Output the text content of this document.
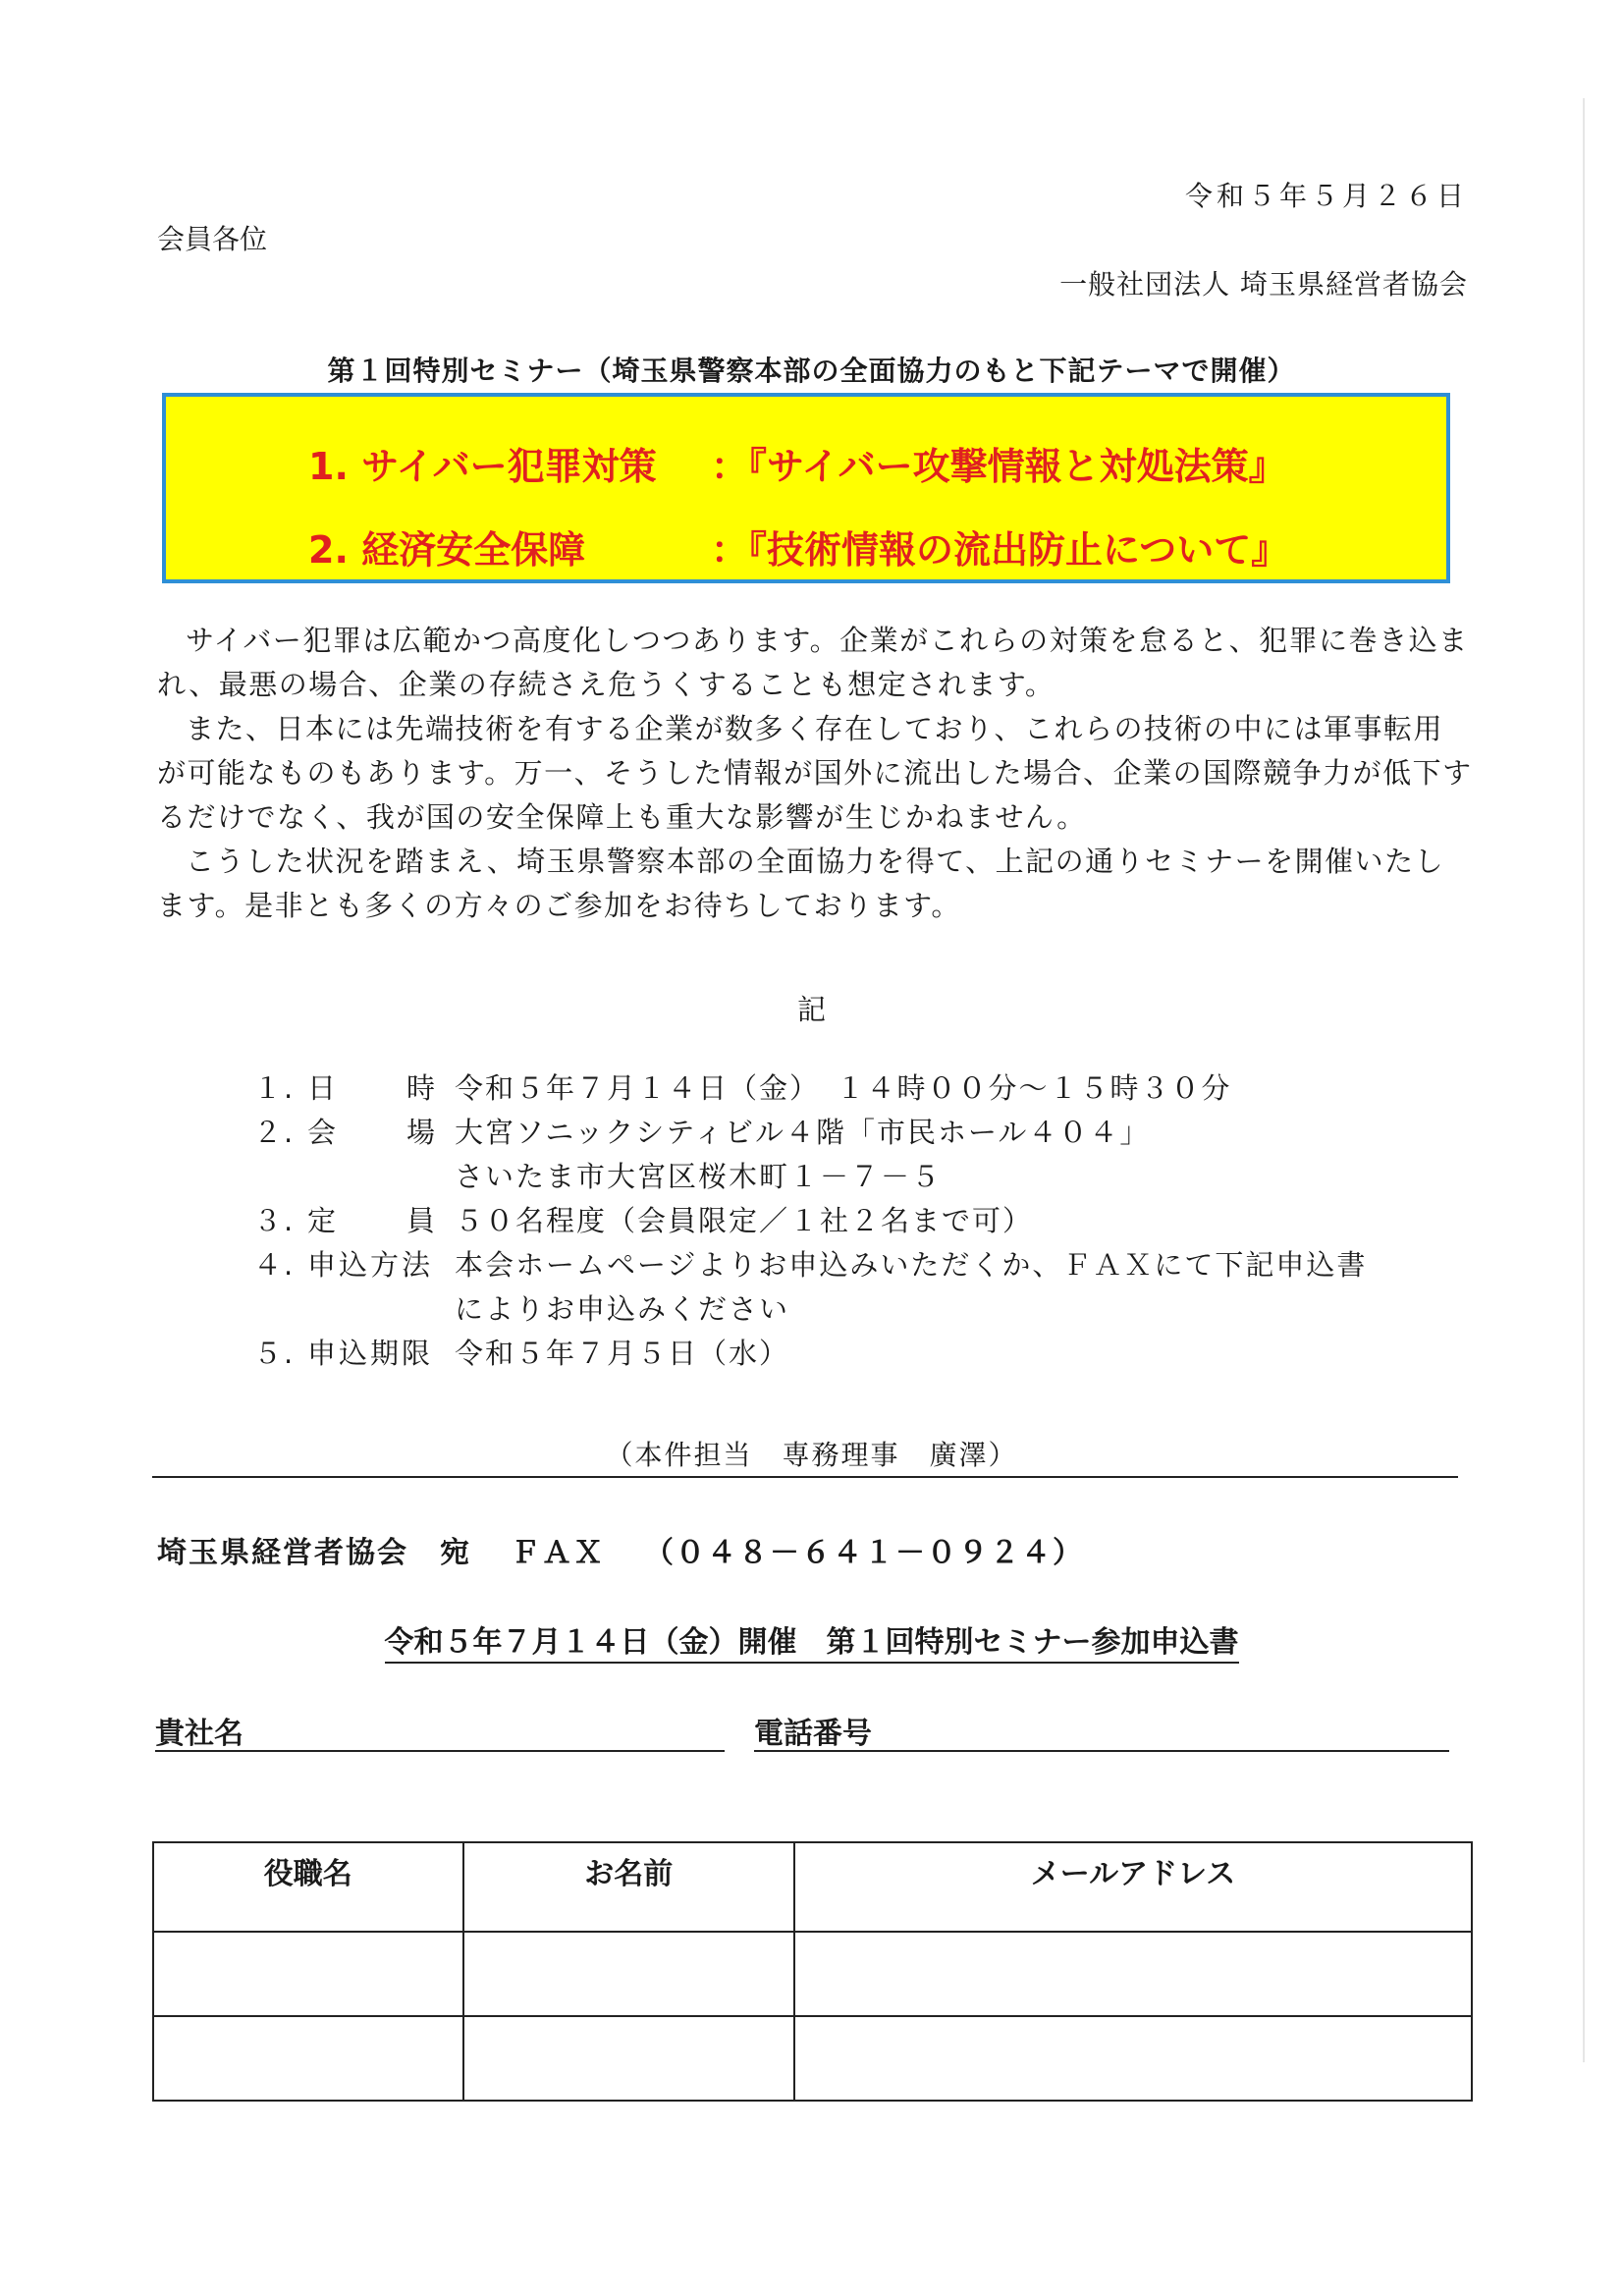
令和５年５月２６日
会員各位
一般社団法人 埼玉県経営者協会
第１回特別セミナー（埼玉県警察本部の全面協力のもと下記テーマで開催）
1. サイバー犯罪対策 ：『サイバー攻撃情報と対処法策』
2. 経済安全保障	：『技術情報の流出防止について』

サイバー犯罪は広範かつ高度化しつつあります。企業がこれらの対策を怠ると、犯罪に巻き込まれ、最悪の場合、企業の存続さえ危うくすることも想定されます。

また、日本には先端技術を有する企業が数多く存在しており、これらの技術の中には軍事転用が可能なものもあります。万一、そうした情報が国外に流出した場合、企業の国際競争力が低下するだけでなく、我が国の安全保障上も重大な影響が生じかねません。

こうした状況を踏まえ、埼玉県警察本部の全面協力を得て、上記の通りセミナーを開催いたします。是非とも多くの方々のご参加をお待ちしております。

記
１. 日 時 令和５年７月１４日（金）　１４時００分～１５時３０分
２. 会 場 大宮ソニックシティビル４階「市民ホール４０４」
さいたま市大宮区桜木町１－７－５
３. 定 員 ５０名程度（会員限定／１社２名まで可）
４. 申込方法 本会ホームページよりお申込みいただくか、ＦＡＸにて下記申込書
によりお申込みください
５. 申込期限 令和５年７月５日（水）
（本件担当　専務理事　廣澤）
埼玉県経営者協会　宛 ＦＡＸ （０４８－６４１－０９２４）
令和５年７月１４日（金）開催　第１回特別セミナー参加申込書
貴社名	電話番号
役職名	お名前	メールアドレス
